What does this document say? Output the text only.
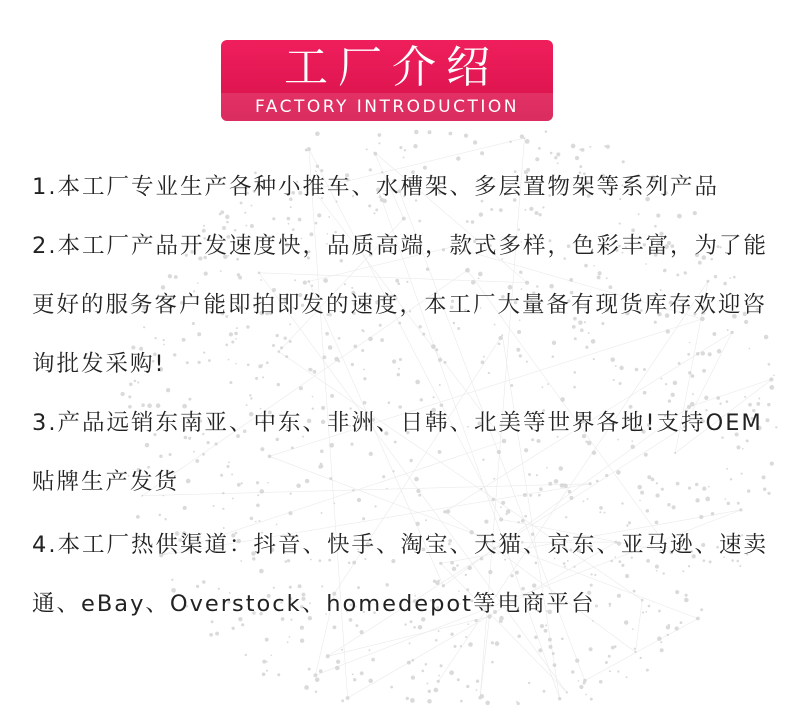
工厂介绍
FACTORY INTRODUCTION

1.本工厂专业生产各种小推车、水槽架、多层置物架等系列产品

2.本工厂产品开发速度快，品质高端，款式多样，色彩丰富，为了能更好的服务客户能即拍即发的速度，本工厂大量备有现货库存欢迎咨询批发采购!

3.产品远销东南亚、中东、非洲、日韩、北美等世界各地!支持OEM贴牌生产发货

4.本工厂热供渠道：抖音、快手、淘宝、天猫、京东、亚马逊、速卖通、eBay、Overstock、homedepot等电商平台
